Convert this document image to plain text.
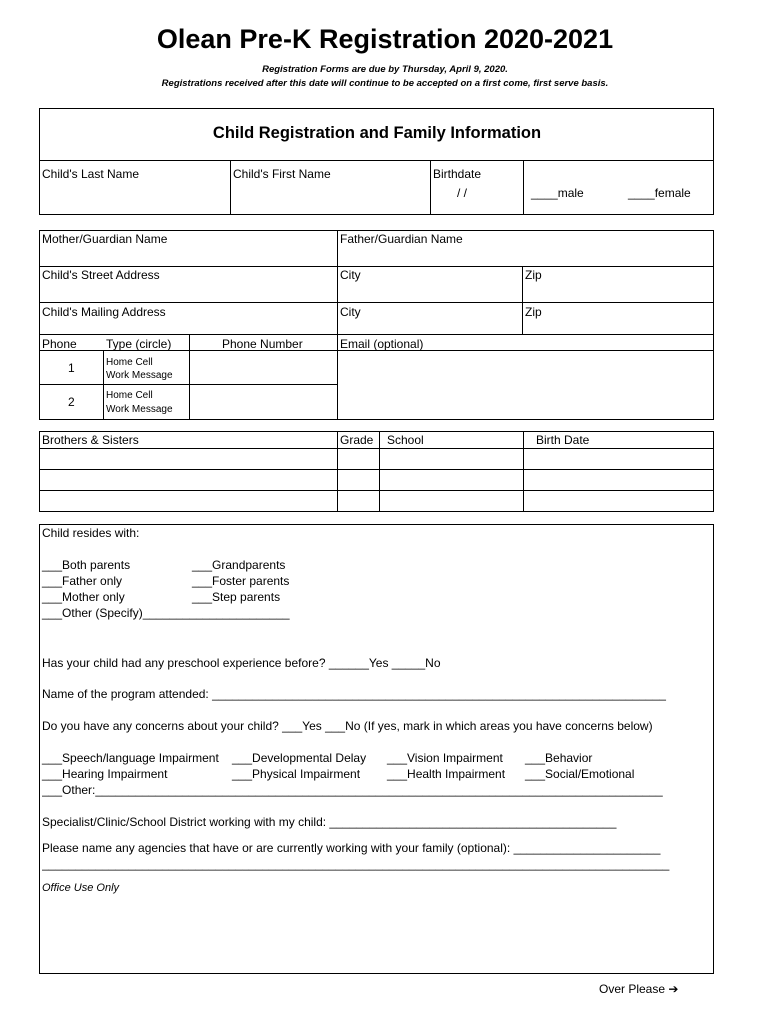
Olean Pre-K Registration 2020-2021
Registration Forms are due by Thursday, April 9, 2020.
Registrations received after this date will continue to be accepted on a first come, first serve basis.
Child Registration and Family Information
Child's Last Name	Child's First Name	Birthdate
/ /	____male	____female
Mother/Guardian Name	Father/Guardian Name
Child's Street Address	City	Zip
Child's Mailing Address	City	Zip
Phone Type (circle)	Phone Number	Email (optional)
1	Home Cell
Work Message
2	Home Cell
Work Message
Brothers & Sisters	Grade School	Birth Date
Child resides with:
___Both parents
___Father only
___Mother only
___Other (Specify)______________________
___Grandparents
___Foster parents
___Step parents
Has your child had any preschool experience before? ______Yes _____No
Name of the program attended: ____________________________________________________________________
Do you have any concerns about your child? ___Yes ___No (If yes, mark in which areas you have concerns below)
___Speech/language Impairment ___Developmental Delay ___Vision Impairment ___Behavior
___Hearing Impairment	___Physical Impairment ___Health Impairment ___Social/Emotional
___Other:_____________________________________________________________________________________
Specialist/Clinic/School District working with my child: ___________________________________________
Please name any agencies that have or are currently working with your family (optional): ______________________
______________________________________________________________________________________________
Office Use Only
Over Please ➔
